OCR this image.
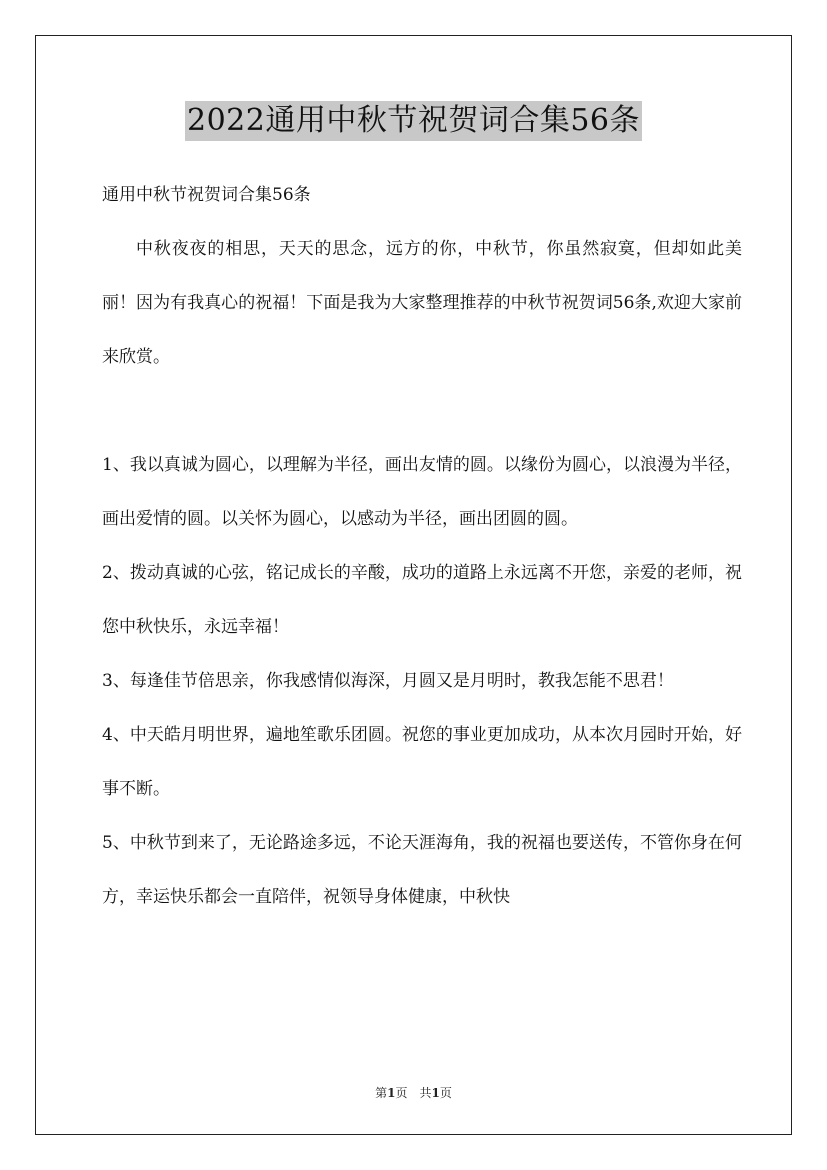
2022通用中秋节祝贺词合集56条

通用中秋节祝贺词合集56条

中秋夜夜的相思，天天的思念，远方的你，中秋节，你虽然寂寞，但却如此美丽！因为有我真心的祝福！下面是我为大家整理推荐的中秋节祝贺词56条,欢迎大家前来欣赏。

1、我以真诚为圆心，以理解为半径，画出友情的圆。以缘份为圆心，以浪漫为半径，画出爱情的圆。以关怀为圆心，以感动为半径，画出团圆的圆。

2、拨动真诚的心弦，铭记成长的辛酸，成功的道路上永远离不开您，亲爱的老师，祝您中秋快乐，永远幸福！

3、每逢佳节倍思亲，你我感情似海深，月圆又是月明时，教我怎能不思君！

4、中天皓月明世界，遍地笙歌乐团圆。祝您的事业更加成功，从本次月园时开始，好事不断。

5、中秋节到来了，无论路途多远，不论天涯海角，我的祝福也要送传，不管你身在何方，幸运快乐都会一直陪伴，祝领导身体健康，中秋快

第1页　共1页
